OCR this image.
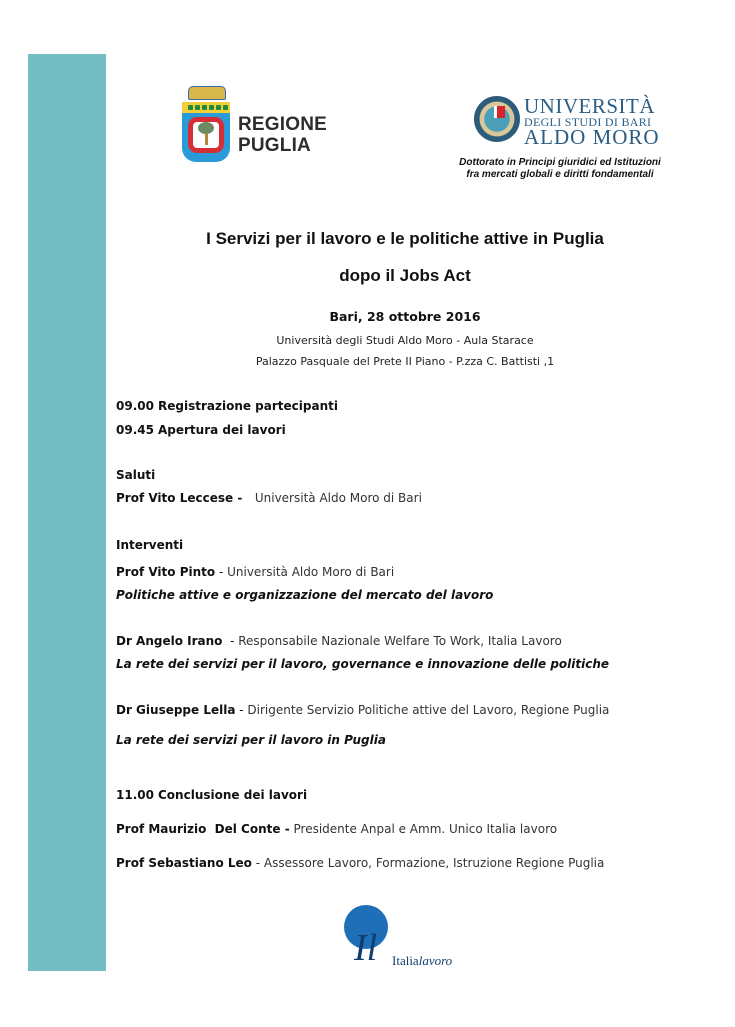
REGIONE
PUGLIA
UNIVERSITÀ
DEGLI STUDI DI BARI
ALDO MORO
Dottorato in Principi giuridici ed Istituzioni
fra mercati globali e diritti fondamentali
I Servizi per il lavoro e le politiche attive in Puglia
dopo il Jobs Act
Bari, 28 ottobre 2016
Università degli Studi Aldo Moro - Aula Starace
Palazzo Pasquale del Prete II Piano - P.zza C. Battisti ,1
09.00 Registrazione partecipanti
09.45 Apertura dei lavori
Saluti
Prof Vito Leccese -   Università Aldo Moro di Bari
Interventi
Prof Vito Pinto - Università Aldo Moro di Bari
Politiche attive e organizzazione del mercato del lavoro
Dr Angelo Irano  - Responsabile Nazionale Welfare To Work, Italia Lavoro
La rete dei servizi per il lavoro, governance e innovazione delle politiche
Dr Giuseppe Lella - Dirigente Servizio Politiche attive del Lavoro, Regione Puglia
La rete dei servizi per il lavoro in Puglia
11.00 Conclusione dei lavori
Prof Maurizio  Del Conte - Presidente Anpal e Amm. Unico Italia lavoro
Prof Sebastiano Leo - Assessore Lavoro, Formazione, Istruzione Regione Puglia
Il Italialavoro
